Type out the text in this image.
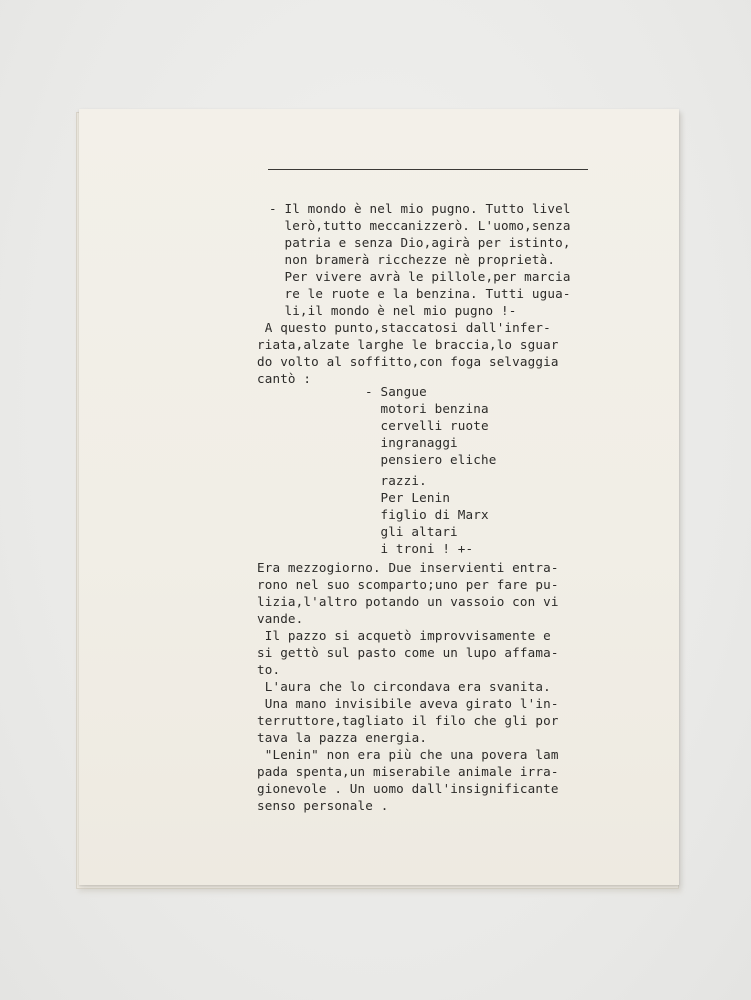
- Il mondo è nel mio pugno. Tutto livel
lerò,tutto meccanizzerò. L'uomo,senza
patria e senza Dio,agirà per istinto,
non bramerà ricchezze nè proprietà.
Per vivere avrà le pillole,per marcia
re le ruote e la benzina. Tutti ugua-
li,il mondo è nel mio pugno !-
A questo punto,staccatosi dall'infer-
riata,alzate larghe le braccia,lo sguar
do volto al soffitto,con foga selvaggia
cantò :
- Sangue
motori benzina
cervelli ruote
ingranaggi
pensiero eliche
razzi.
Per Lenin
figlio di Marx
gli altari
i troni ! +-
Era mezzogiorno. Due inservienti entra-
rono nel suo scomparto;uno per fare pu-
lizia,l'altro potando un vassoio con vi
vande.
Il pazzo si acquetò improvvisamente e
si gettò sul pasto come un lupo affama-
to.
L'aura che lo circondava era svanita.
Una mano invisibile aveva girato l'in-
terruttore,tagliato il filo che gli por
tava la pazza energia.
"Lenin" non era più che una povera lam
pada spenta,un miserabile animale irra-
gionevole . Un uomo dall'insignificante
senso personale .
